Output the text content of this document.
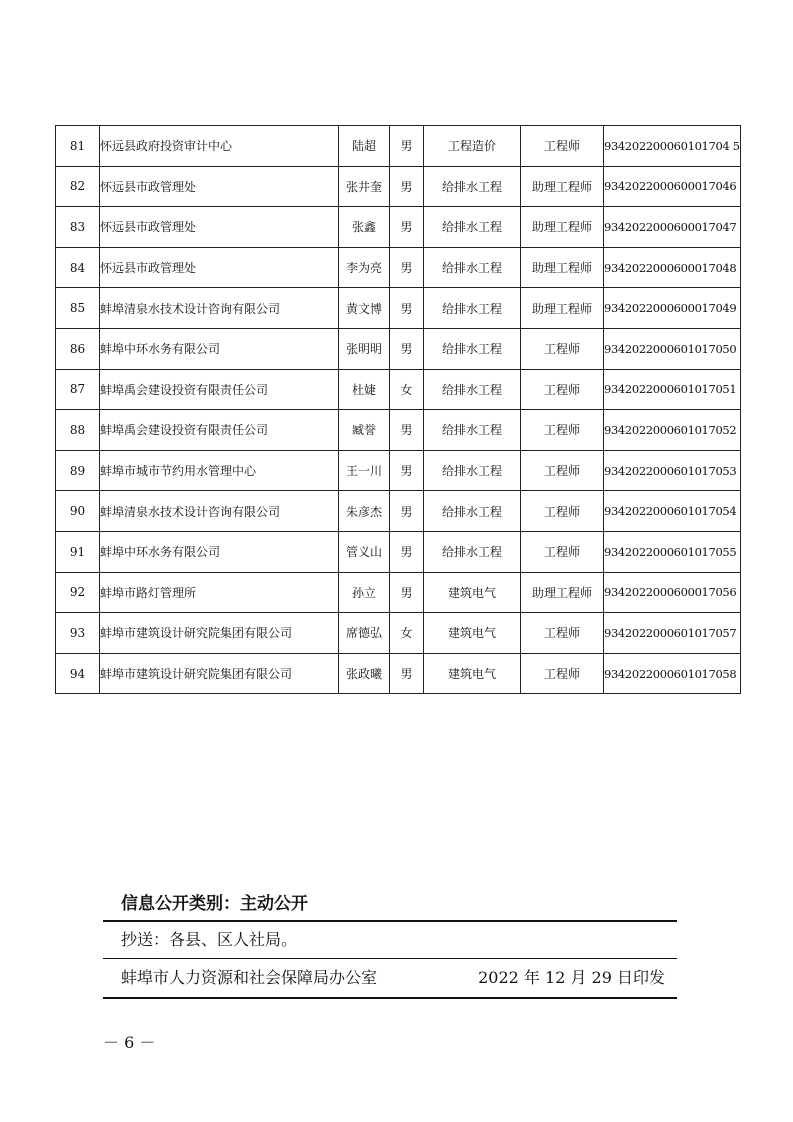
81	怀远县政府投资审计中心	陆超	男	工程造价	工程师	934202200060101704 5
82	怀远县市政管理处	张井奎	男	给排水工程	助理工程师	9342022000600017046
83	怀远县市政管理处	张鑫	男	给排水工程	助理工程师	9342022000600017047
84	怀远县市政管理处	李为亮	男	给排水工程	助理工程师	9342022000600017048
85	蚌埠清泉水技术设计咨询有限公司	黄文博	男	给排水工程	助理工程师	9342022000600017049
86	蚌埠中环水务有限公司	张明明	男	给排水工程	工程师	9342022000601017050
87	蚌埠禹会建设投资有限责任公司	杜婕	女	给排水工程	工程师	9342022000601017051
88	蚌埠禹会建设投资有限责任公司	臧誉	男	给排水工程	工程师	9342022000601017052
89	蚌埠市城市节约用水管理中心	王一川	男	给排水工程	工程师	9342022000601017053
90	蚌埠清泉水技术设计咨询有限公司	朱彦杰	男	给排水工程	工程师	9342022000601017054
91	蚌埠中环水务有限公司	管义山	男	给排水工程	工程师	9342022000601017055
92	蚌埠市路灯管理所	孙立	男	建筑电气	助理工程师	9342022000600017056
93	蚌埠市建筑设计研究院集团有限公司	席德弘	女	建筑电气	工程师	9342022000601017057
94	蚌埠市建筑设计研究院集团有限公司	张政曦	男	建筑电气	工程师	9342022000601017058
信息公开类别：主动公开
抄送：各县、区人社局。
蚌埠市人力资源和社会保障局办公室	2022 年 12 月 29 日印发
－ 6 －
